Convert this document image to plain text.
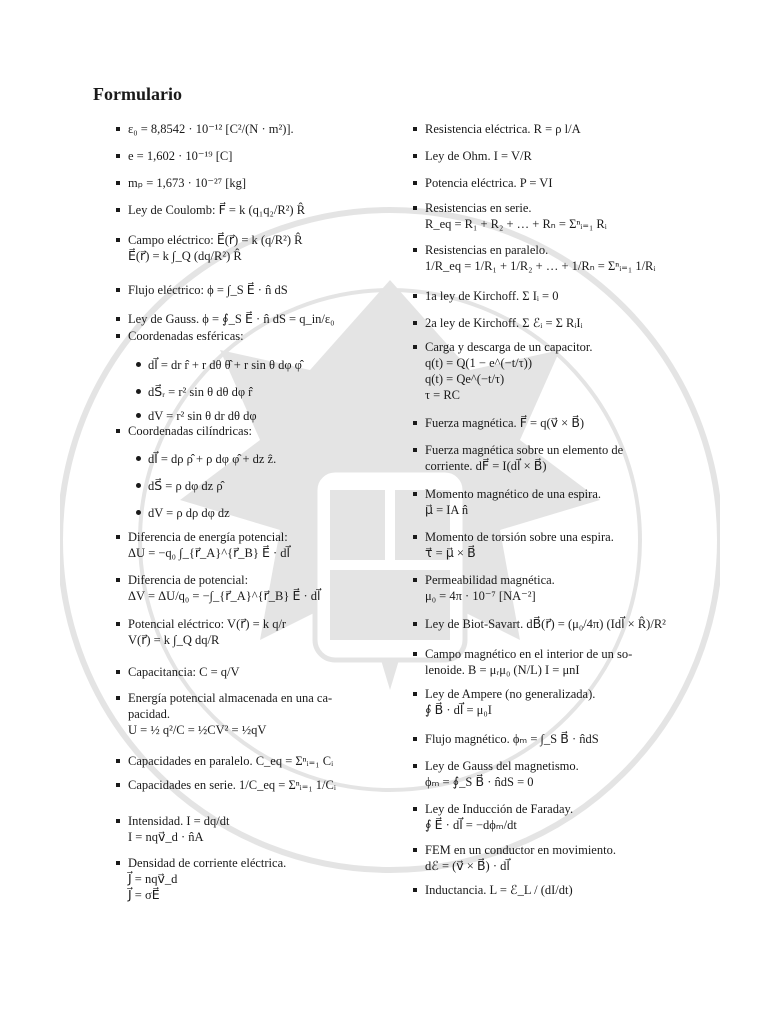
Formulario
ε₀ = 8,8542 · 10⁻¹² [C²/(N · m²)].
e = 1,602 · 10⁻¹⁹ [C]
mₚ = 1,673 · 10⁻²⁷ [kg]
Ley de Coulomb: F⃗ = k (q₁q₂/R²) R̂
Campo eléctrico: E⃗(r⃗) = k (q/R²) R̂
E⃗(r⃗) = k ∫_Q (dq/R²) R̂
Flujo eléctrico: ϕ = ∫_S E⃗ · n̂ dS
Ley de Gauss. ϕ = ∮_S E⃗ · n̂ dS = q_in/ε₀
Coordenadas esféricas:
dl⃗ = dr r̂ + r dθ θ̂ + r sin θ dφ φ̂
dS⃗ᵣ = r² sin θ dθ dφ r̂
dV = r² sin θ dr dθ dφ
Coordenadas cilíndricas:
dl⃗ = dρ ρ̂ + ρ dφ φ̂ + dz ẑ.
dS⃗ = ρ dφ dz ρ̂
dV = ρ dρ dφ dz
Diferencia de energía potencial:
ΔU = −q₀ ∫_{r⃗_A}^{r⃗_B} E⃗ · dl⃗
Diferencia de potencial:
ΔV = ΔU/q₀ = −∫_{r⃗_A}^{r⃗_B} E⃗ · dl⃗
Potencial eléctrico: V(r⃗) = k q/r
V(r⃗) = k ∫_Q dq/R
Capacitancia: C = q/V
Energía potencial almacenada en una ca-
pacidad.
U = ½ q²/C = ½CV² = ½qV
Capacidades en paralelo. C_eq = Σⁿᵢ₌₁ Cᵢ
Capacidades en serie. 1/C_eq = Σⁿᵢ₌₁ 1/Cᵢ
Intensidad. I = dq/dt
I = nqv⃗_d · n̂A
Densidad de corriente eléctrica.
J⃗ = nqv⃗_d
J⃗ = σE⃗
Resistencia eléctrica. R = ρ l/A
Ley de Ohm. I = V/R
Potencia eléctrica. P = VI
Resistencias en serie.
R_eq = R₁ + R₂ + … + Rₙ = Σⁿᵢ₌₁ Rᵢ
Resistencias en paralelo.
1/R_eq = 1/R₁ + 1/R₂ + … + 1/Rₙ = Σⁿᵢ₌₁ 1/Rᵢ
1a ley de Kirchoff. Σ Iᵢ = 0
2a ley de Kirchoff. Σ ℰᵢ = Σ RᵢIᵢ
Carga y descarga de un capacitor.
q(t) = Q(1 − e^(−t/τ))
q(t) = Qe^(−t/τ)
τ = RC
Fuerza magnética. F⃗ = q(v⃗ × B⃗)
Fuerza magnética sobre un elemento de
corriente. dF⃗ = I(dl⃗ × B⃗)
Momento magnético de una espira.
μ⃗ = IA n̂
Momento de torsión sobre una espira.
τ⃗ = μ⃗ × B⃗
Permeabilidad magnética.
μ₀ = 4π · 10⁻⁷ [NA⁻²]
Ley de Biot-Savart. dB⃗(r⃗) = (μ₀/4π) (Idl⃗ × R̂)/R²
Campo magnético en el interior de un so-
lenoide. B = μᵣμ₀ (N/L) I = μnI
Ley de Ampere (no generalizada).
∮ B⃗ · dl⃗ = μ₀I
Flujo magnético. ϕₘ = ∫_S B⃗ · n̂dS
Ley de Gauss del magnetismo.
ϕₘ = ∮_S B⃗ · n̂dS = 0
Ley de Inducción de Faraday.
∮ E⃗ · dl⃗ = −dϕₘ/dt
FEM en un conductor en movimiento.
dℰ = (v⃗ × B⃗) · dl⃗
Inductancia. L = ℰ_L / (dI/dt)
